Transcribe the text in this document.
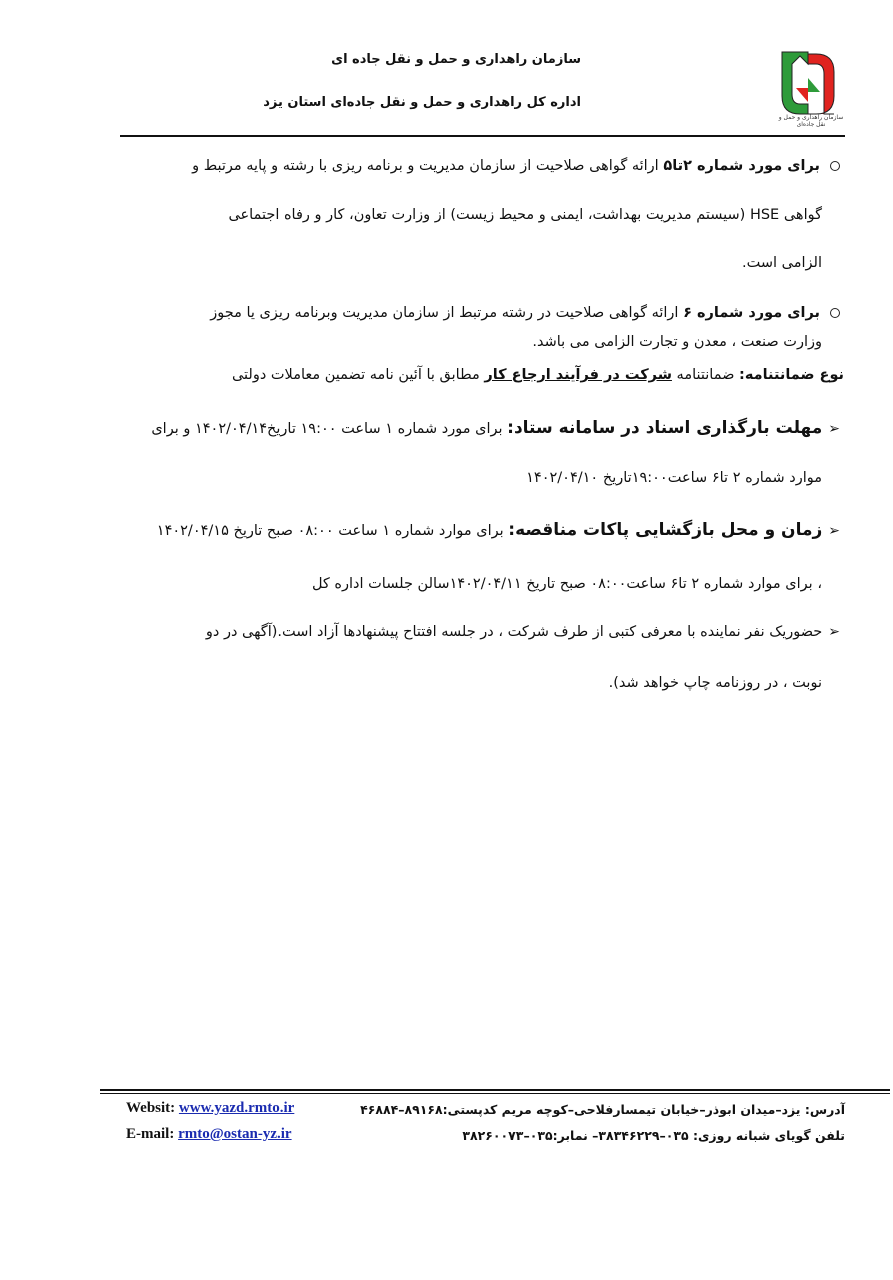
سازمان راهداری و حمل و نقل جاده ای
اداره کل راهداری و حمل و نقل جاده‌ای استان یزد
سازمان راهداری و حمل و نقل جاده‌ای
برای مورد شماره ۲تا۵ ارائه گواهی صلاحیت از سازمان مدیریت و برنامه ریزی با رشته و پایه مرتبط و
گواهی HSE (سیستم مدیریت بهداشت، ایمنی و محیط زیست) از وزارت تعاون، کار و رفاه اجتماعی
الزامی است.
برای مورد شماره ۶ ارائه گواهی صلاحیت در رشته مرتبط از سازمان مدیریت وبرنامه ریزی یا مجوز
وزارت صنعت ، معدن و تجارت الزامی می باشد.
نوع ضمانتنامه: ضمانتنامه شرکت در فرآیند ارجاع کار مطابق با آئین نامه تضمین معاملات دولتی
➢مهلت بارگذاری اسناد در سامانه ستاد: برای مورد شماره ۱ ساعت ۱۹:۰۰ تاریخ۱۴۰۲/۰۴/۱۴ و برای
موارد شماره ۲ تا۶ ساعت۱۹:۰۰تاریخ ۱۴۰۲/۰۴/۱۰
➢زمان و محل بازگشایی پاکات مناقصه: برای موارد شماره ۱ ساعت ۰۸:۰۰ صبح تاریخ ۱۴۰۲/۰۴/۱۵
، برای موارد شماره ۲ تا۶ ساعت۰۸:۰۰ صبح تاریخ ۱۴۰۲/۰۴/۱۱سالن جلسات اداره کل
➢حضوریک نفر نماینده با معرفی کتبی از طرف شرکت ، در جلسه افتتاح پیشنهادها آزاد است.(آگهی در دو
نوبت ، در روزنامه چاپ خواهد شد).
آدرس: یزد–میدان ابوذر–خیابان تیمسارفلاحی–کوچه مریم کدپستی:۸۹۱۶۸–۴۶۸۸۴
تلفن گویای شبانه روزی: ۰۳۵–۳۸۳۴۶۲۲۹– نمابر:۰۳۵–۳۸۲۶۰۰۷۳
Websit: www.yazd.rmto.ir
E-mail: rmto@ostan-yz.ir
